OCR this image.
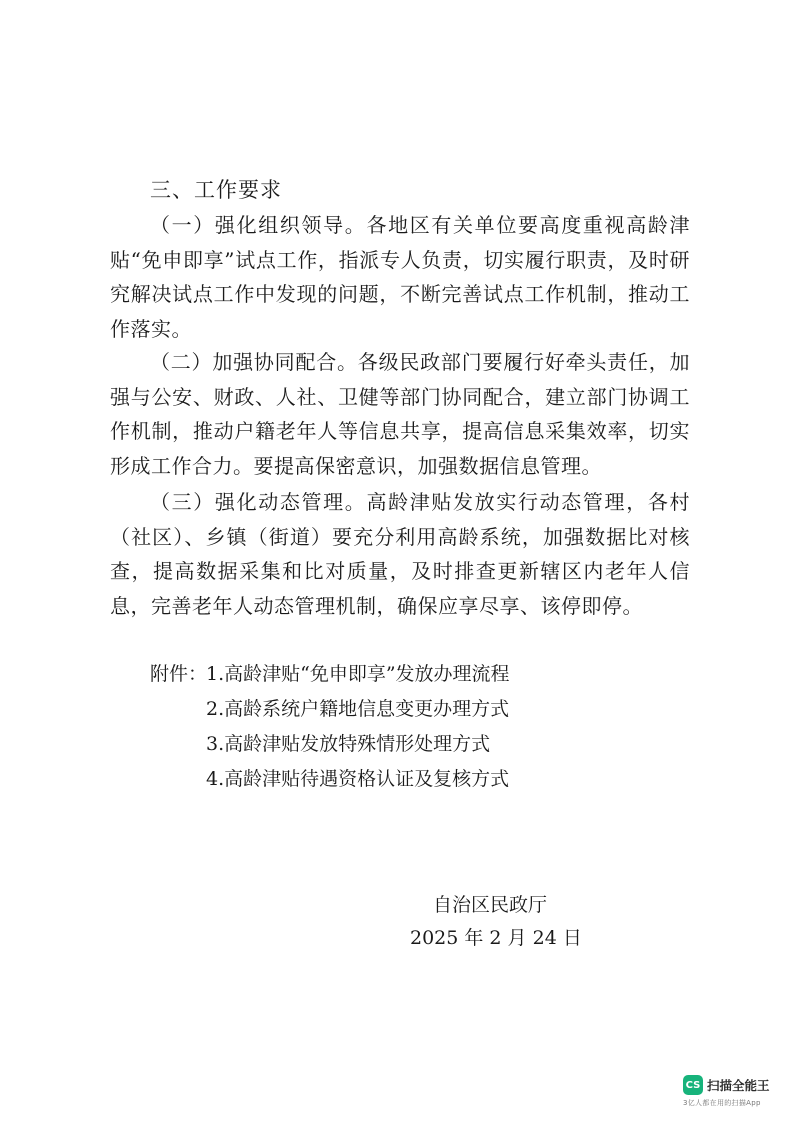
三、工作要求

（一）强化组织领导。各地区有关单位要高度重视高龄津贴“免申即享”试点工作，指派专人负责，切实履行职责，及时研究解决试点工作中发现的问题，不断完善试点工作机制，推动工作落实。

（二）加强协同配合。各级民政部门要履行好牵头责任，加强与公安、财政、人社、卫健等部门协同配合，建立部门协调工作机制，推动户籍老年人等信息共享，提高信息采集效率，切实形成工作合力。要提高保密意识，加强数据信息管理。

（三）强化动态管理。高龄津贴发放实行动态管理，各村（社区）、乡镇（街道）要充分利用高龄系统，加强数据比对核查，提高数据采集和比对质量，及时排查更新辖区内老年人信息，完善老年人动态管理机制，确保应享尽享、该停即停。

附件：
1.高龄津贴“免申即享”发放办理流程
2.高龄系统户籍地信息变更办理方式
3.高龄津贴发放特殊情形处理方式
4.高龄津贴待遇资格认证及复核方式
自治区民政厅
2025 年 2 月 24 日
CS 扫描全能王
3亿人都在用的扫描App
